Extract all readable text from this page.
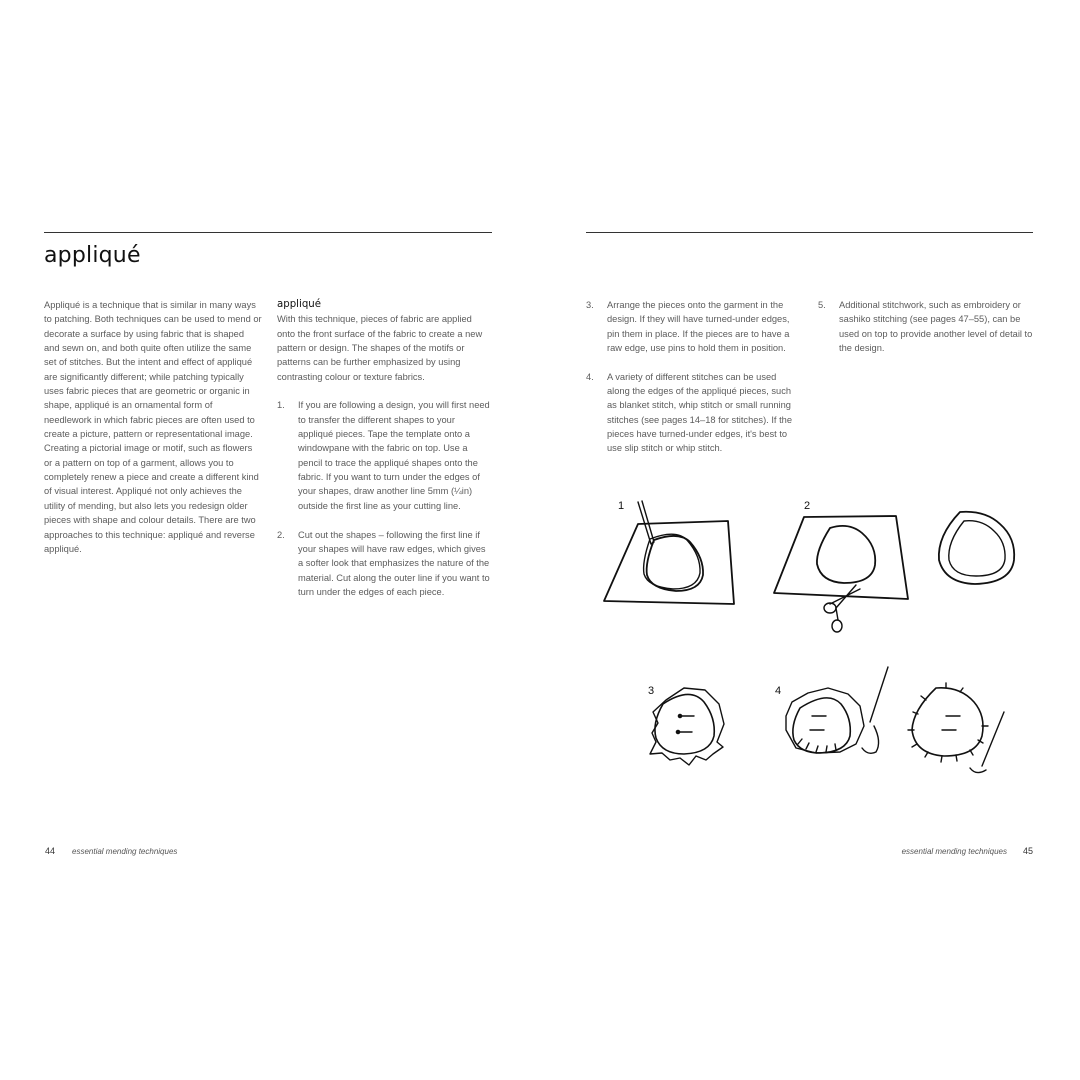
appliqué

Appliqué is a technique that is similar in many ways to patching. Both techniques can be used to mend or decorate a surface by using fabric that is shaped and sewn on, and both quite often utilize the same set of stitches. But the intent and effect of appliqué are significantly different; while patching typically uses fabric pieces that are geometric or organic in shape, appliqué is an ornamental form of needlework in which fabric pieces are often used to create a picture, pattern or representational image. Creating a pictorial image or motif, such as flowers or a pattern on top of a garment, allows you to completely renew a piece and create a different kind of visual interest. Appliqué not only achieves the utility of mending, but also lets you redesign older pieces with shape and colour details. There are two approaches to this technique: appliqué and reverse appliqué.

appliqué

With this technique, pieces of fabric are applied onto the front surface of the fabric to create a new pattern or design. The shapes of the motifs or patterns can be further emphasized by using contrasting colour or texture fabrics.

1.	If you are following a design, you will first need to transfer the different shapes to your appliqué pieces. Tape the template onto a windowpane with the fabric on top. Use a pencil to trace the appliqué shapes onto the fabric. If you want to turn under the edges of your shapes, draw another line 5mm (¼in) outside the first line as your cutting line.
2.	Cut out the shapes – following the first line if your shapes will have raw edges, which gives a softer look that emphasizes the nature of the material. Cut along the outer line if you want to turn under the edges of each piece.
3.	Arrange the pieces onto the garment in the design. If they will have turned-under edges, pin them in place. If the pieces are to have a raw edge, use pins to hold them in position.
4.	A variety of different stitches can be used along the edges of the appliqué pieces, such as blanket stitch, whip stitch or small running stitches (see pages 14–18 for stitches). If the pieces have turned-under edges, it's best to use slip stitch or whip stitch.
5.	Additional stitchwork, such as embroidery or sashiko stitching (see pages 47–55), can be used on top to provide another level of detail to the design.
1	2
3	4
44 essential mending techniques	essential mending techniques 45
